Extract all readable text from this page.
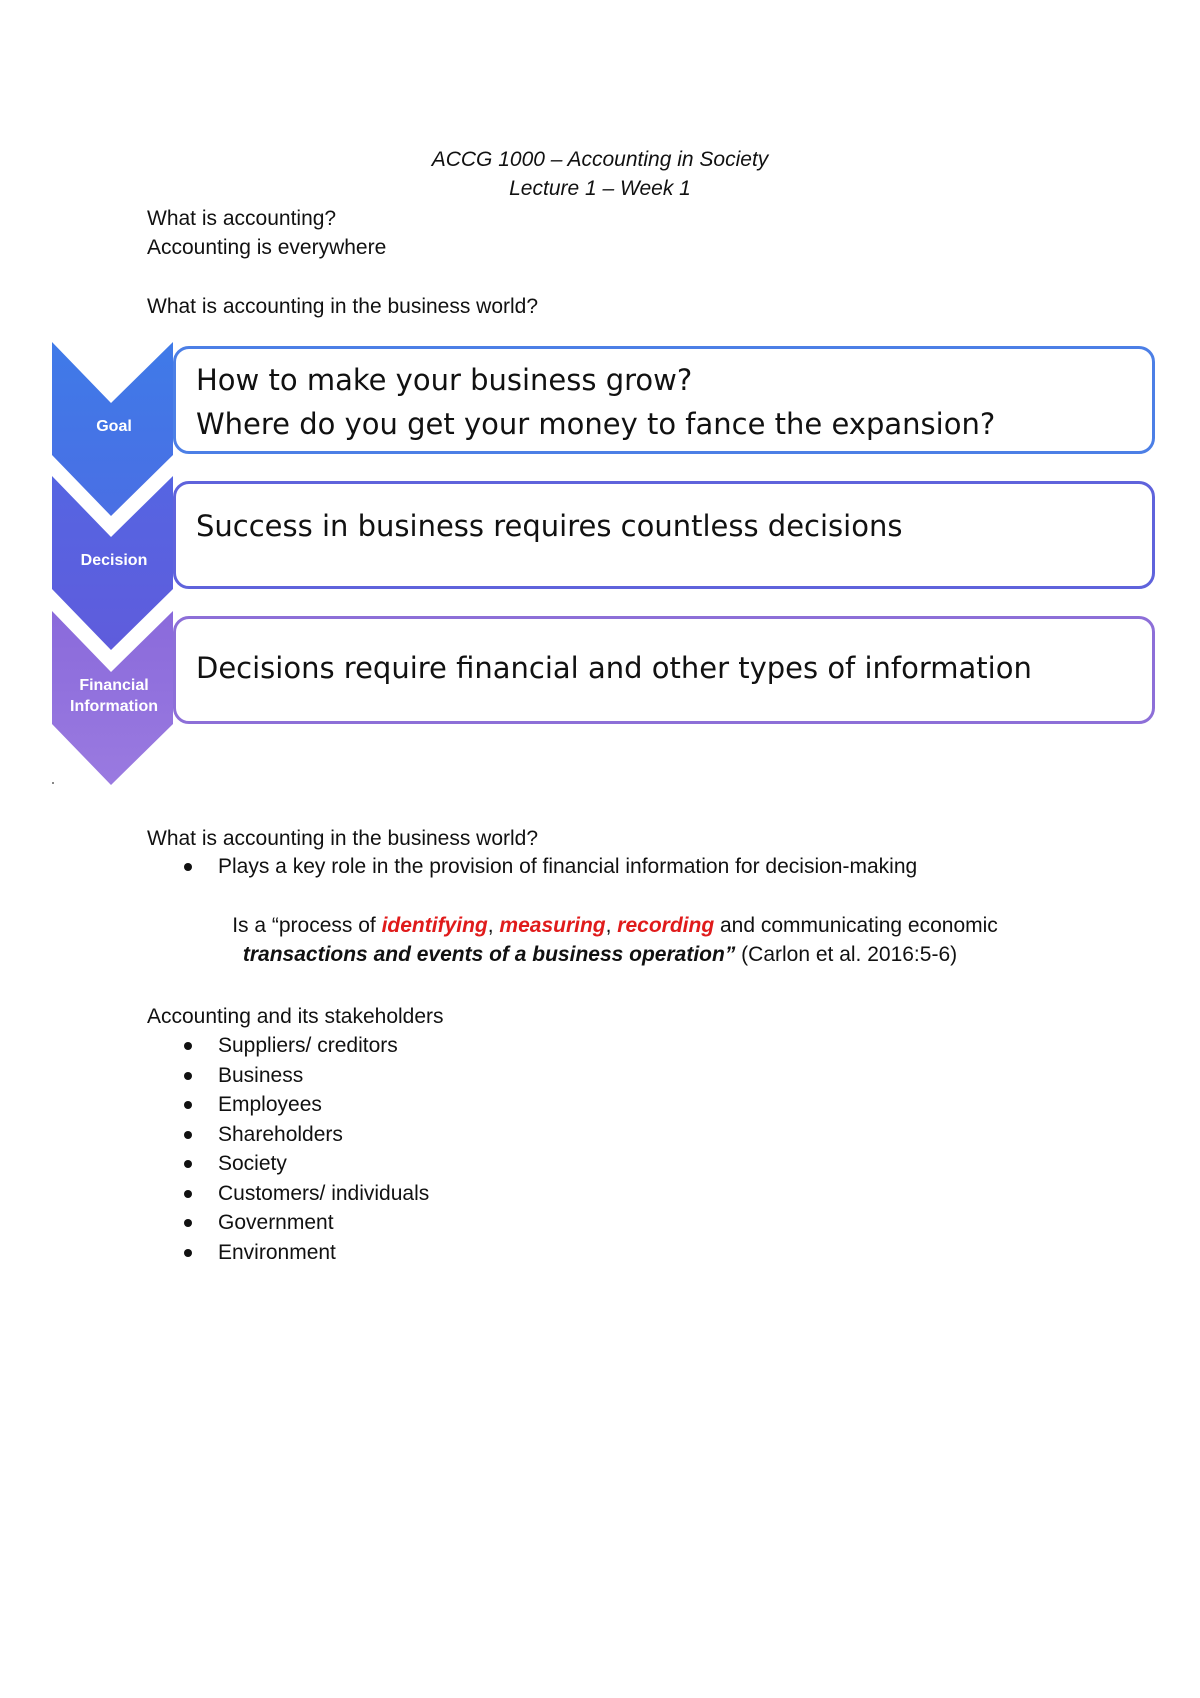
ACCG 1000 – Accounting in Society
Lecture 1 – Week 1
What is accounting?
Accounting is everywhere
What is accounting in the business world?
Goal
Decision
Financial
Information
How to make your business grow?
Where do you get your money to fance the expansion?
Success in business requires countless decisions
Decisions require financial and other types of information
What is accounting in the business world?
Plays a key role in the provision of financial information for decision-making
Is a “process of identifying, measuring, recording and communicating economic
transactions and events of a business operation” (Carlon et al. 2016:5-6)
Accounting and its stakeholders
Suppliers/ creditors
Business
Employees
Shareholders
Society
Customers/ individuals
Government
Environment
